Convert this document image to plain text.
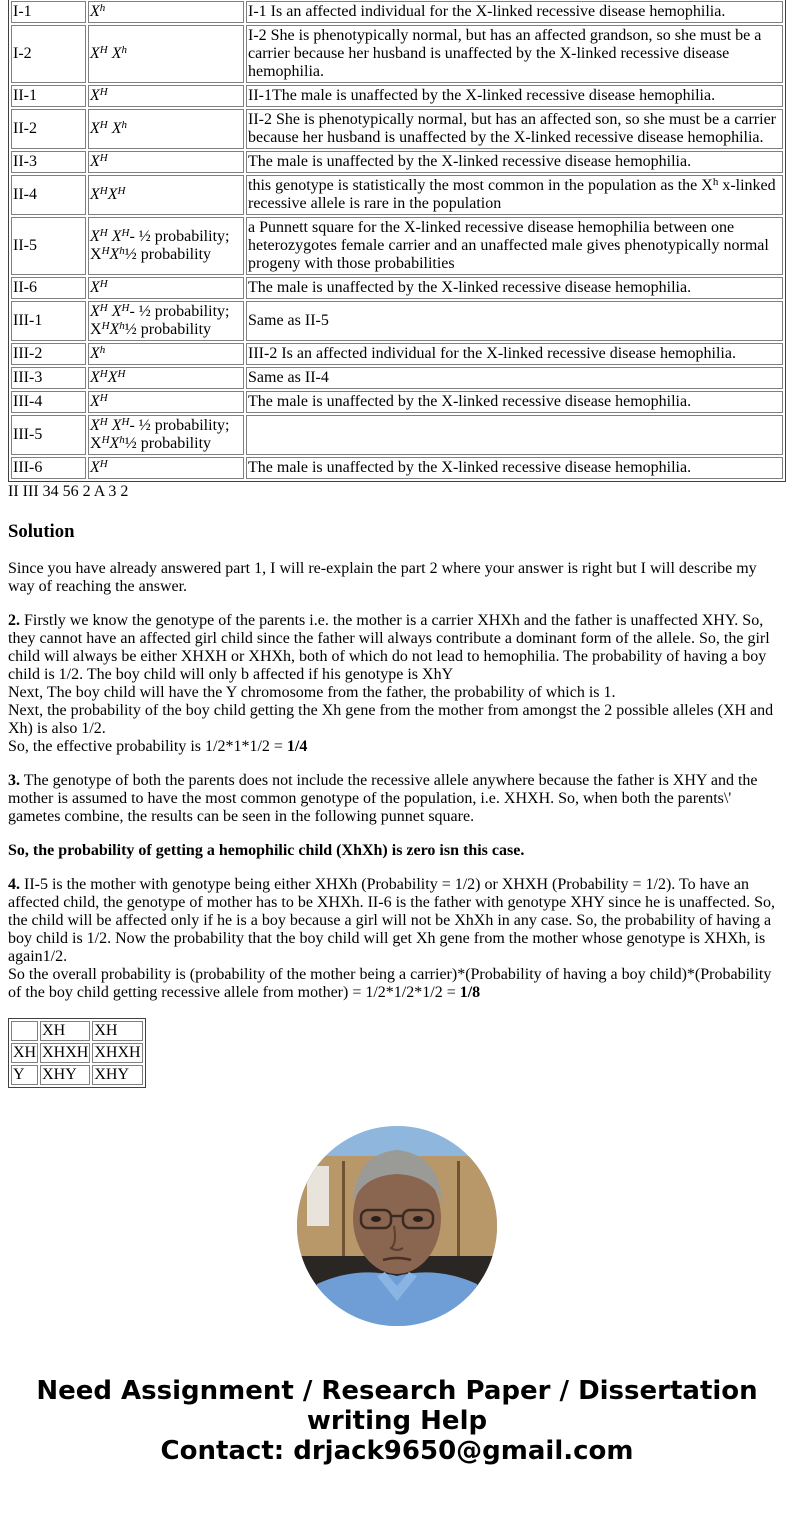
I-1	$X^h$	I-1 Is an affected individual for the X-linked recessive disease hemophilia.
I-2	$X^H$ $X^h$	I-2 She is phenotypically normal, but has an affected grandson, so she must be a carrier because her husband is unaffected by the X-linked recessive disease hemophilia.
II-1	$X^H$	II-1The male is unaffected by the X-linked recessive disease hemophilia.
II-2	$X^H$ $X^h$	II-2 She is phenotypically normal, but has an affected son, so she must be a carrier because her husband is unaffected by the X-linked recessive disease hemophilia.
II-3	$X^H$	The male is unaffected by the X-linked recessive disease hemophilia.
II-4	$X^HX^H$	this genotype is statistically the most common in the population as the $X^h$ x-linked recessive allele is rare in the population
II-5	$X^H$ $X^H-$ ½ probability; $X^HX^h\frac{1}{2}$ probability	a Punnett square for the X-linked recessive disease hemophilia between one heterozygotes female carrier and an unaffected male gives phenotypically normal progeny with those probabilities
II-6	$X^H$	The male is unaffected by the X-linked recessive disease hemophilia.
III-1	$X^H$ $X^H-$ ½ probability; $X^HX^h\frac{1}{2}$ probability	Same as II-5
III-2	$X^h$	III-2 Is an affected individual for the X-linked recessive disease hemophilia.
III-3	$X^HX^H$	Same as II-4
III-4	$X^H$	The male is unaffected by the X-linked recessive disease hemophilia.
III-5	$X^H$ $X^H-$ ½ probability; $X^HX^h\frac{1}{2}$ probability	
III-6	$X^H$	The male is unaffected by the X-linked recessive disease hemophilia.
II III 34 56 2 A 3 2
Solution

Since you have already answered part 1, I will re-explain the part 2 where your answer is right but I will describe my way of reaching the answer.

2. Firstly we know the genotype of the parents i.e. the mother is a carrier XHXh and the father is unaffected XHY. So, they cannot have an affected girl child since the father will always contribute a dominant form of the allele. So, the girl child will always be either XHXH or XHXh, both of which do not lead to hemophilia. The probability of having a boy child is 1/2. The boy child will only b affected if his genotype is XhY
Next, The boy child will have the Y chromosome from the father, the probability of which is 1.
Next, the probability of the boy child getting the Xh gene from the mother from amongst the 2 possible alleles (XH and Xh) is also 1/2.
So, the effective probability is 1/2*1*1/2 = 1/4

3. The genotype of both the parents does not include the recessive allele anywhere because the father is XHY and the mother is assumed to have the most common genotype of the population, i.e. XHXH. So, when both the parents\' gametes combine, the results can be seen in the following punnet square.

So, the probability of getting a hemophilic child (XhXh) is zero isn this case.

4. II-5 is the mother with genotype being either XHXh (Probability = 1/2) or XHXH (Probability = 1/2). To have an affected child, the genotype of mother has to be XHXh. II-6 is the father with genotype XHY since he is unaffected. So, the child will be affected only if he is a boy because a girl will not be XhXh in any case. So, the probability of having a boy child is 1/2. Now the probability that the boy child will get Xh gene from the mother whose genotype is XHXh, is again1/2.
So the overall probability is (probability of the mother being a carrier)*(Probability of having a boy child)*(Probability of the boy child getting recessive allele from mother) = 1/2*1/2*1/2 = 1/8

	XH	XH
XH	XHXH	XHXH
Y	XHY	XHY
Need Assignment / Research Paper / Dissertation writing Help
Contact: drjack9650@gmail.com
